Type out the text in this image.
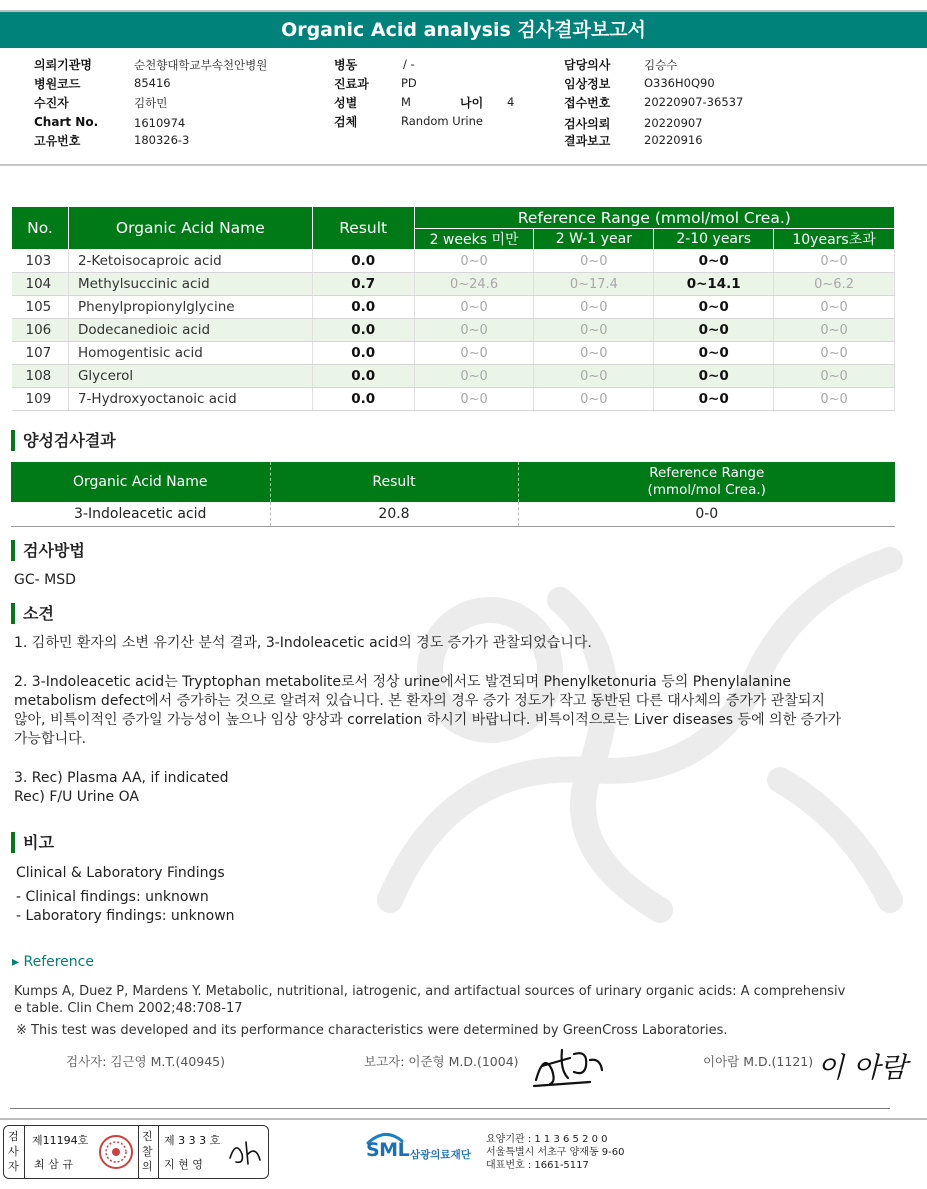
Organic Acid analysis 검사결과보고서
의뢰기관명	순천향대학교부속천안병원
병원코드	85416
수진자	김하민
Chart No.	1610974
고유번호	180326-3
병동	/ -
진료과	PD
성별	M	나이 4
검체	Random Urine
담당의사	김승수
임상정보	O336H0Q90
접수번호	20220907-36537
검사의뢰	20220907
결과보고	20220916
No.	Organic Acid Name	Result	Reference Range (mmol/mol Crea.)			
			2 weeks 미만	2 W-1 year	2-10 years	10years초과
103	2-Ketoisocaproic acid	0.0	0~0	0~0	0~0	0~0
104	Methylsuccinic acid	0.7	0~24.6	0~17.4	0~14.1	0~6.2
105	Phenylpropionylglycine	0.0	0~0	0~0	0~0	0~0
106	Dodecanedioic acid	0.0	0~0	0~0	0~0	0~0
107	Homogentisic acid	0.0	0~0	0~0	0~0	0~0
108	Glycerol	0.0	0~0	0~0	0~0	0~0
109	7-Hydroxyoctanoic acid	0.0	0~0	0~0	0~0	0~0
양성검사결과
Organic Acid Name	Result	Reference Range
(mmol/mol Crea.)

3-Indoleacetic acid	20.8	0-0
검사방법
GC- MSD
소견
1. 김하민 환자의 소변 유기산 분석 결과, 3-Indoleacetic acid의 경도 증가가 관찰되었습니다.
2. 3-Indoleacetic acid는 Tryptophan metabolite로서 정상 urine에서도 발견되며 Phenylketonuria 등의 Phenylalanine
metabolism defect에서 증가하는 것으로 알려져 있습니다. 본 환자의 경우 증가 정도가 작고 동반된 다른 대사체의 증가가 관찰되지
않아, 비특이적인 증가일 가능성이 높으나 임상 양상과 correlation 하시기 바랍니다. 비특이적으로는 Liver diseases 등에 의한 증가가
가능합니다.
3. Rec) Plasma AA, if indicated
Rec) F/U Urine OA
비고
Clinical & Laboratory Findings
- Clinical findings: unknown
- Laboratory findings: unknown
▸ Reference
Kumps A, Duez P, Mardens Y. Metabolic, nutritional, iatrogenic, and artifactual sources of urinary organic acids: A comprehensiv
e table. Clin Chem 2002;48:708-17
※ This test was developed and its performance characteristics were determined by GreenCross Laboratories.
검사자: 김근영 M.T.(40945)	보고자: 이준형 M.D.(1004)	이아람 M.D.(1121) 이 아람
검
사
자
제11194호
최 삼 규
진
찰
의
제 3 3 3 호
지 현 영
SML 삼광의료재단
요양기관 : 1 1 3 6 5 2 0 0
서울특별시 서초구 양재동 9-60
대표번호 : 1661-5117
